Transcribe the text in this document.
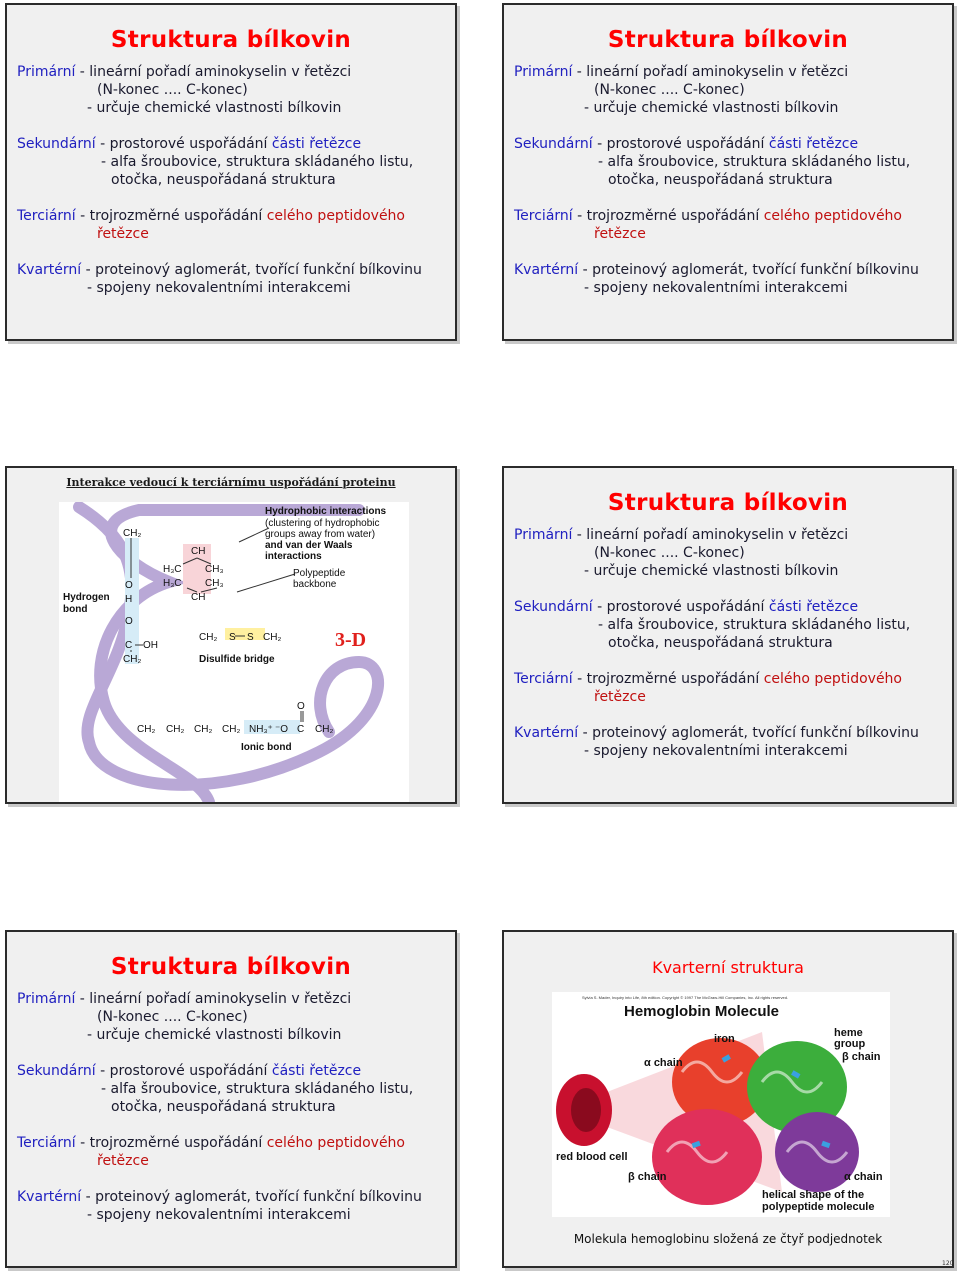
Struktura bílkovin
Primární - lineární pořadí aminokyselin v řetězci
(N-konec .... C-konec)
- určuje chemické vlastnosti bílkovin
Sekundární - prostorové uspořádání části řetězce
- alfa šroubovice, struktura skládaného listu,
otočka, neuspořádaná struktura
Terciární - trojrozměrné uspořádání celého peptidového
řetězce
Kvartérní - proteinový aglomerát, tvořící funkční bílkovinu
- spojeny nekovalentními interakcemi
Struktura bílkovin
Primární - lineární pořadí aminokyselin v řetězci
(N-konec .... C-konec)
- určuje chemické vlastnosti bílkovin
Sekundární - prostorové uspořádání části řetězce
- alfa šroubovice, struktura skládaného listu,
otočka, neuspořádaná struktura
Terciární - trojrozměrné uspořádání celého peptidového
řetězce
Kvartérní - proteinový aglomerát, tvořící funkční bílkovinu
- spojeny nekovalentními interakcemi
Interakce vedoucí k terciárnímu uspořádání proteinu
CH₂
O
H
O
C OH
CH₂
CH
H₃C CH₃
H₃C CH₃
CH
CH₂ S S CH₂
CH₂ CH₂ CH₂ CH₂ NH₃⁺ ⁻O C
O
CH₂
Hydrophobic interactions
(clustering of hydrophobic
groups away from water)
and van der Waals
interactions
Hydrogen
bond
Polypeptide
backbone
Disulfide bridge
Ionic bond
3-D
Struktura bílkovin
Primární - lineární pořadí aminokyselin v řetězci
(N-konec .... C-konec)
- určuje chemické vlastnosti bílkovin
Sekundární - prostorové uspořádání části řetězce
- alfa šroubovice, struktura skládaného listu,
otočka, neuspořádaná struktura
Terciární - trojrozměrné uspořádání celého peptidového
řetězce
Kvartérní - proteinový aglomerát, tvořící funkční bílkovinu
- spojeny nekovalentními interakcemi
Struktura bílkovin
Primární - lineární pořadí aminokyselin v řetězci
(N-konec .... C-konec)
- určuje chemické vlastnosti bílkovin
Sekundární - prostorové uspořádání části řetězce
- alfa šroubovice, struktura skládaného listu,
otočka, neuspořádaná struktura
Terciární - trojrozměrné uspořádání celého peptidového
řetězce
Kvartérní - proteinový aglomerát, tvořící funkční bílkovinu
- spojeny nekovalentními interakcemi
Kvarterní struktura
Sylvia S. Mader, Inquiry into Life, 8th edition. Copyright © 1997 The McGraw-Hill Companies, Inc. All rights reserved.
Hemoglobin Molecule
iron	heme
group
α chain	β chain
red blood cell
β chain	α chain
helical shape of the
polypeptide molecule
Molekula hemoglobinu složená ze čtyř podjednotek
120
